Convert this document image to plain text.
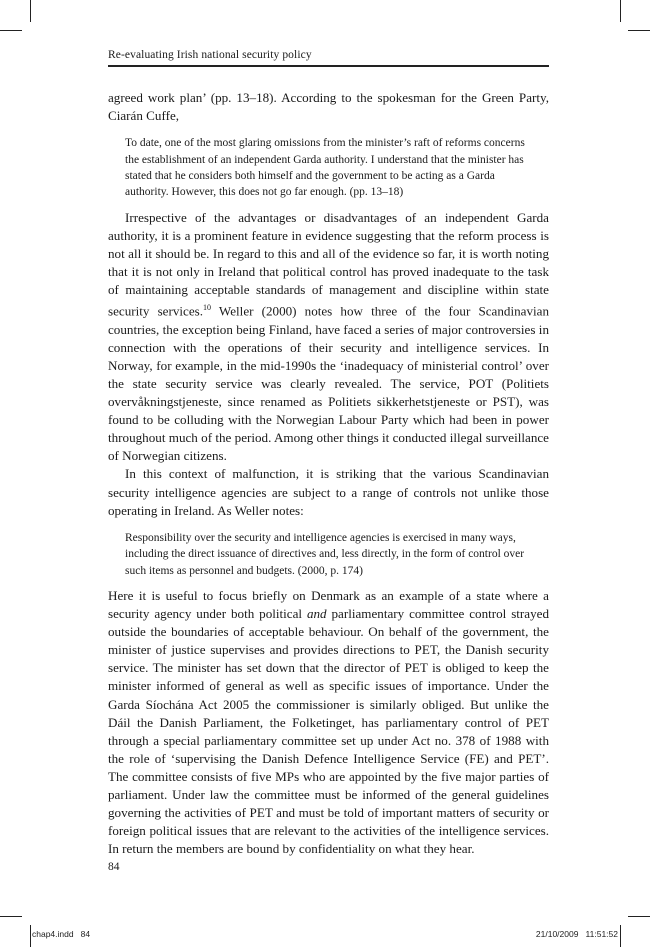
Re-evaluating Irish national security policy

agreed work plan’ (pp. 13–18). According to the spokesman for the Green Party, Ciarán Cuffe,

To date, one of the most glaring omissions from the minister’s raft of reforms concerns the establishment of an independent Garda authority. I understand that the minister has stated that he considers both himself and the government to be acting as a Garda authority. However, this does not go far enough. (pp. 13–18)

Irrespective of the advantages or disadvantages of an independent Garda authority, it is a prominent feature in evidence suggesting that the reform process is not all it should be. In regard to this and all of the evidence so far, it is worth noting that it is not only in Ireland that political control has proved inadequate to the task of maintaining acceptable standards of management and discipline within state security services.$^{10}$ Weller (2000) notes how three of the four Scandinavian countries, the exception being Finland, have faced a series of major controversies in connection with the operations of their security and intelligence services. In Norway, for example, in the mid-1990s the ‘inadequacy of ministerial control’ over the state security service was clearly revealed. The service, POT (Politiets overvåkningstjeneste, since renamed as Politiets sikkerhetstjeneste or PST), was found to be colluding with the Norwegian Labour Party which had been in power throughout much of the period. Among other things it conducted illegal surveillance of Norwegian citizens.

In this context of malfunction, it is striking that the various Scandinavian security intelligence agencies are subject to a range of controls not unlike those operating in Ireland. As Weller notes:

Responsibility over the security and intelligence agencies is exercised in many ways, including the direct issuance of directives and, less directly, in the form of control over such items as personnel and budgets. (2000, p. 174)

Here it is useful to focus briefly on Denmark as an example of a state where a security agency under both political and parliamentary committee control strayed outside the boundaries of acceptable behaviour. On behalf of the government, the minister of justice supervises and provides directions to PET, the Danish security service. The minister has set down that the director of PET is obliged to keep the minister informed of general as well as specific issues of importance. Under the Garda Síochána Act 2005 the commissioner is similarly obliged. But unlike the Dáil the Danish Parliament, the Folketinget, has parliamentary control of PET through a special parliamentary committee set up under Act no. 378 of 1988 with the role of ‘supervising the Danish Defence Intelligence Service (FE) and PET’. The committee consists of five MPs who are appointed by the five major parties of parliament. Under law the committee must be informed of the general guidelines governing the activities of PET and must be told of important matters of security or foreign political issues that are relevant to the activities of the intelligence services. In return the members are bound by confidentiality on what they hear.

84
chap4.indd   84	21/10/2009   11:51:52
